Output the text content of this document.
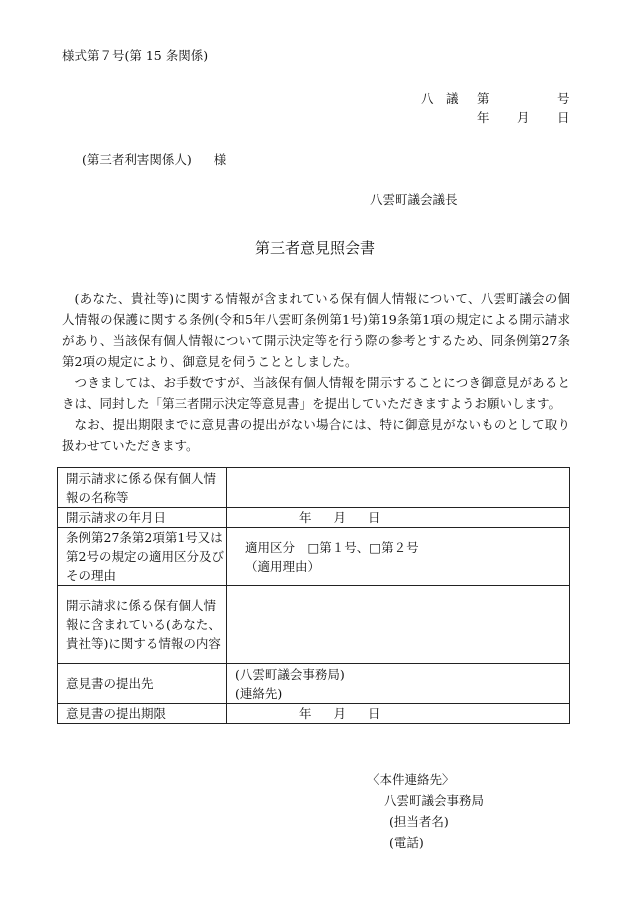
様式第７号(第 15 条関係)
八　議 第	号
年 月 日
(第三者利害関係人) 様
八雲町議会議長
第三者意見照会書

(あなた、貴社等)に関する情報が含まれている保有個人情報について、八雲町議会の個人情報の保護に関する条例(令和5年八雲町条例第1号)第19条第1項の規定による開示請求があり、当該保有個人情報について開示決定等を行う際の参考とするため、同条例第27条第2項の規定により、御意見を伺うこととしました。

つきましては、お手数ですが、当該保有個人情報を開示することにつき御意見があるときは、同封した「第三者開示決定等意見書」を提出していただきますようお願いします。

なお、提出期限までに意見書の提出がない場合には、特に御意見がないものとして取り扱わせていただきます。

開示請求に係る保有個人情報の名称等	
開示請求の年月日	年 月 日

条例第27条第2項第1号又は第2号の規定の適用区分及びその理由	適用区分　□第１号、□第２号
（適用理由）

開示請求に係る保有個人情報に含まれている(あなた、貴社等)に関する情報の内容	
意見書の提出先	(八雲町議会事務局)
(連絡先)

意見書の提出期限	年 月 日
〈本件連絡先〉
八雲町議会事務局
(担当者名)
(電話)
